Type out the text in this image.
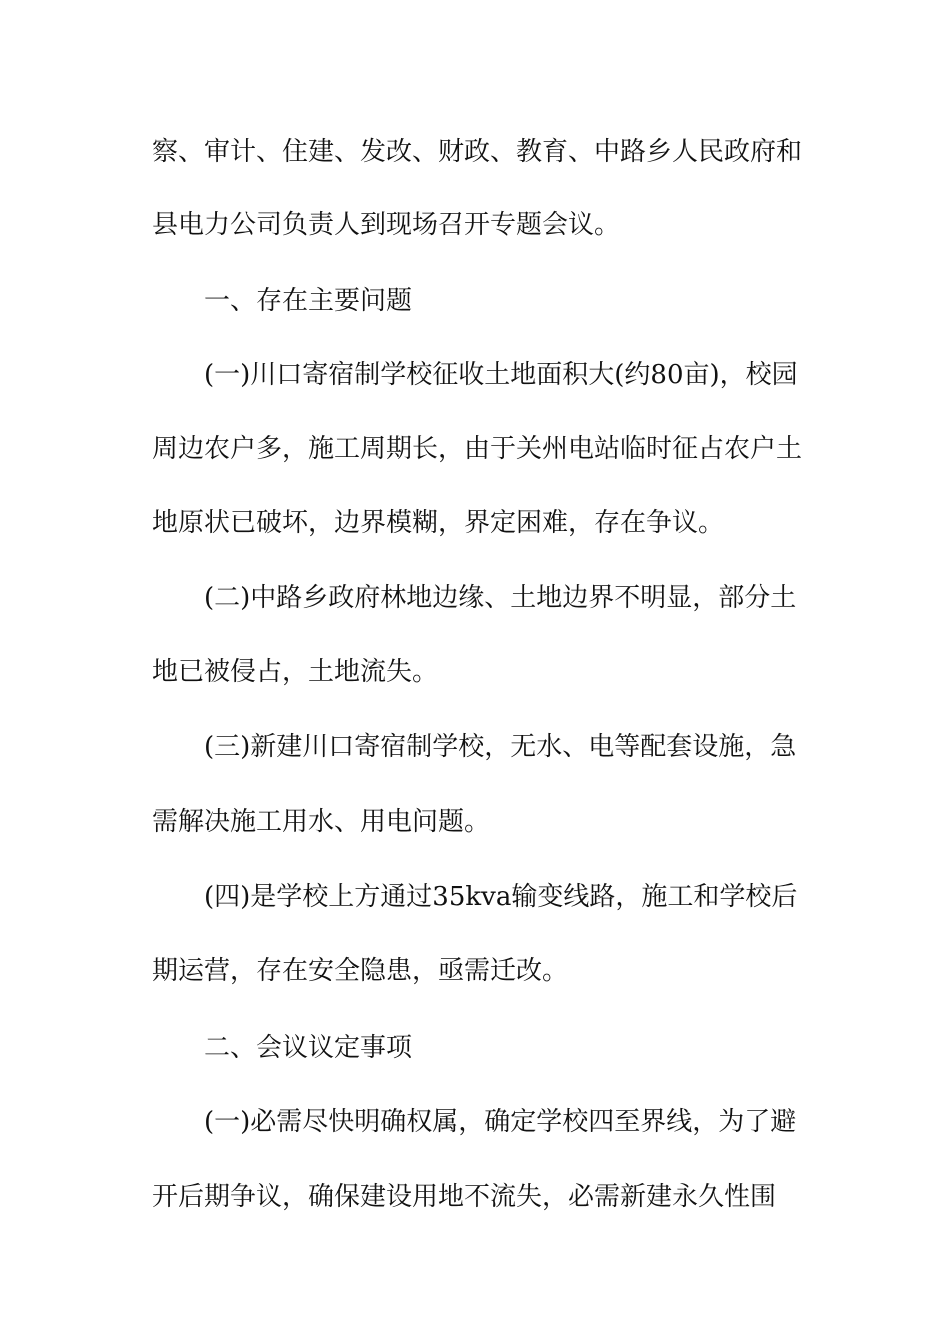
察、审计、住建、发改、财政、教育、中路乡人民政府和
县电力公司负责人到现场召开专题会议。
一、存在主要问题
(一)川口寄宿制学校征收土地面积大(约80亩)，校园
周边农户多，施工周期长，由于关州电站临时征占农户土
地原状已破坏，边界模糊，界定困难，存在争议。
(二)中路乡政府林地边缘、土地边界不明显，部分土
地已被侵占，土地流失。
(三)新建川口寄宿制学校，无水、电等配套设施，急
需解决施工用水、用电问题。
(四)是学校上方通过35kva输变线路，施工和学校后
期运营，存在安全隐患，亟需迁改。
二、会议议定事项
(一)必需尽快明确权属，确定学校四至界线，为了避
开后期争议，确保建设用地不流失，必需新建永久性围
